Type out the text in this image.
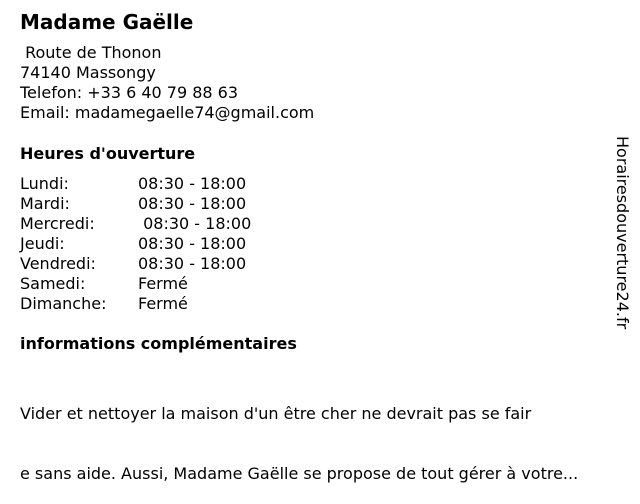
Madame Gaëlle
Route de Thonon
74140 Massongy
Telefon: +33 6 40 79 88 63
Email: madamegaelle74@gmail.com
Heures d'ouverture
Lundi:	08:30 - 18:00
Mardi:	08:30 - 18:00
Mercredi:	08:30 - 18:00
Jeudi:	08:30 - 18:00
Vendredi:	08:30 - 18:00
Samedi:	Fermé
Dimanche: Fermé
informations complémentaires

Vider et nettoyer la maison d'un être cher ne devrait pas se fair

e sans aide. Aussi, Madame Gaëlle se propose de tout gérer à votre...

Horairesdouverture24.fr
